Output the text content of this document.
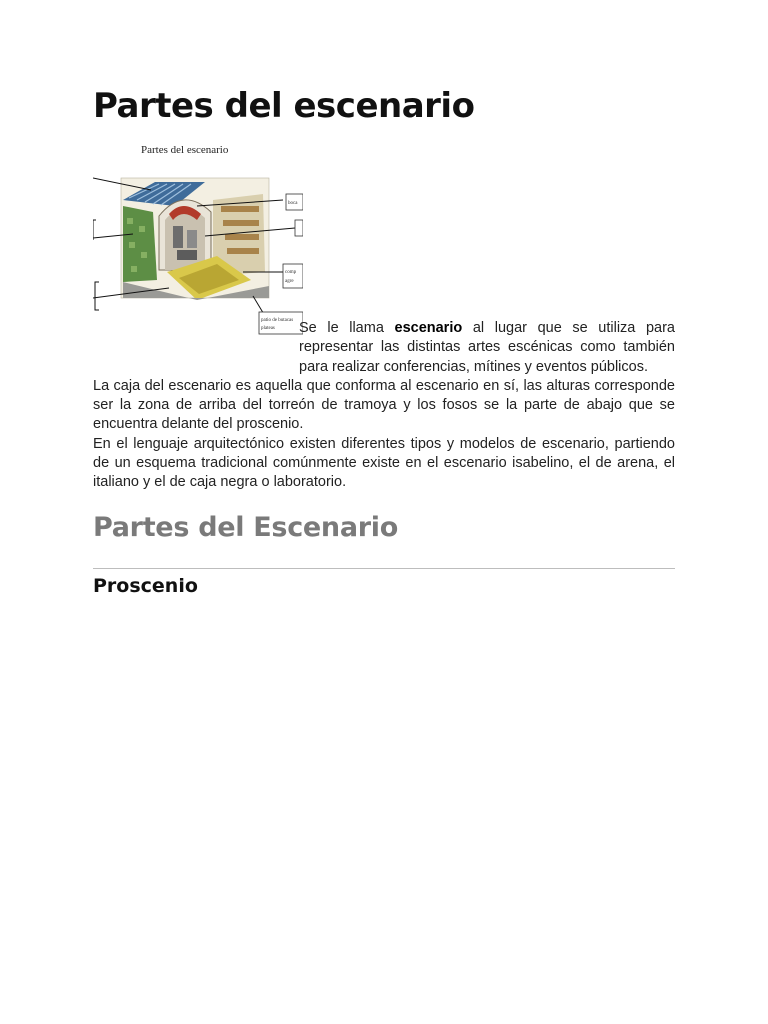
Partes del escenario
Partes del escenario
boca
comp
agre
patio de butacas
plateas	Se le llama escenario al lugar que se utiliza para representar las distintas artes escénicas como también para realizar conferencias, mítines y eventos públicos.
La caja del escenario es aquella que conforma al escenario en sí, las alturas corresponde ser la zona de arriba del torreón de tramoya y los fosos se la parte de abajo que se encuentra delante del proscenio.
En el lenguaje arquitectónico existen diferentes tipos y modelos de escenario, partiendo de un esquema tradicional comúnmente existe en el escenario isabelino, el de arena, el italiano y el de caja negra o laboratorio.

Partes del Escenario
Proscenio
